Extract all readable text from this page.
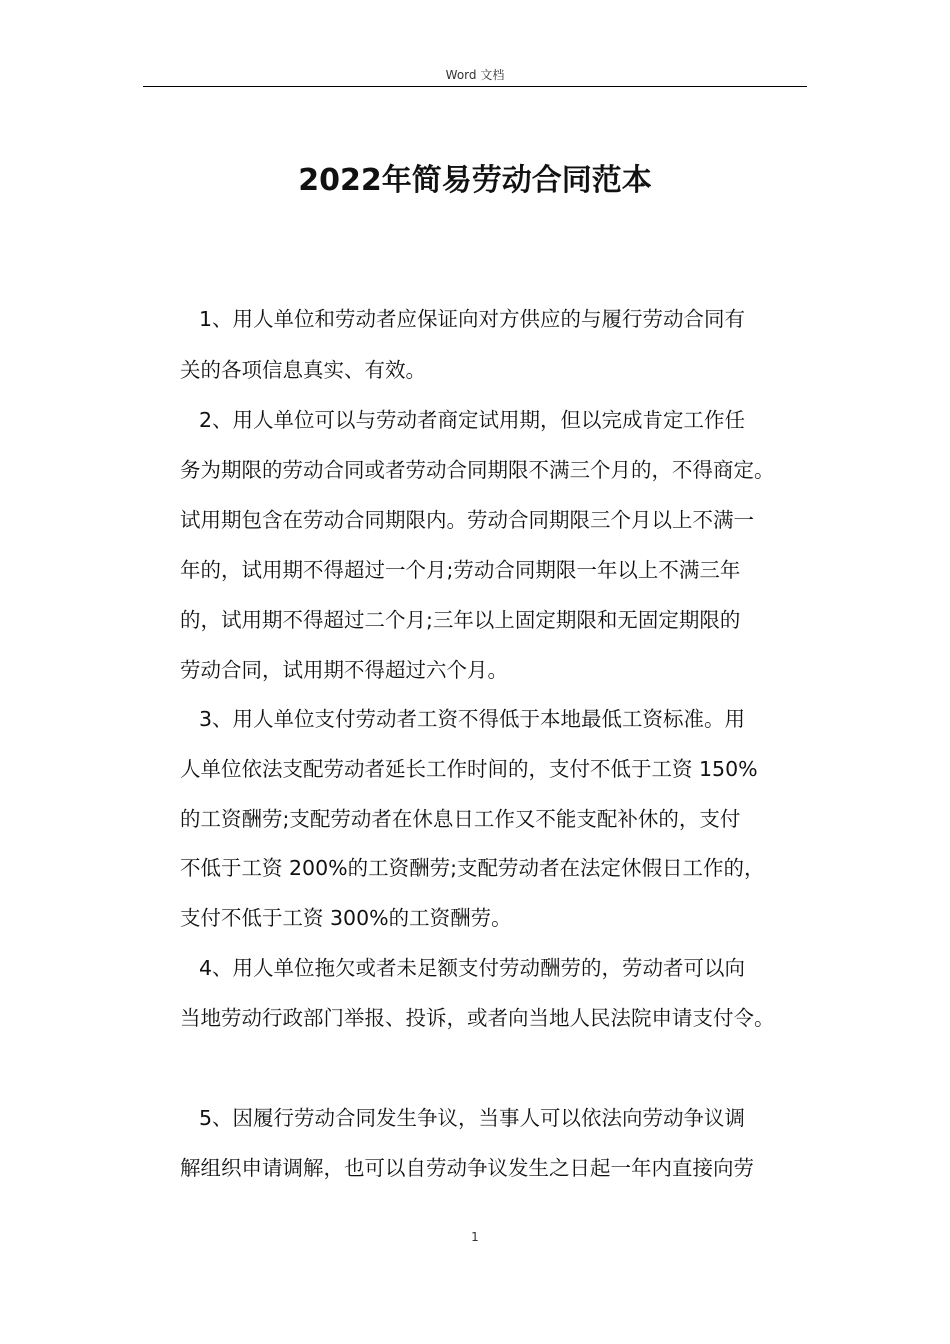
Word 文档
2022年简易劳动合同范本
1、用人单位和劳动者应保证向对方供应的与履行劳动合同有
关的各项信息真实、有效。
2、用人单位可以与劳动者商定试用期，但以完成肯定工作任
务为期限的劳动合同或者劳动合同期限不满三个月的，不得商定。
试用期包含在劳动合同期限内。劳动合同期限三个月以上不满一
年的，试用期不得超过一个月;劳动合同期限一年以上不满三年
的，试用期不得超过二个月;三年以上固定期限和无固定期限的
劳动合同，试用期不得超过六个月。
3、用人单位支付劳动者工资不得低于本地最低工资标准。用
人单位依法支配劳动者延长工作时间的，支付不低于工资 150%
的工资酬劳;支配劳动者在休息日工作又不能支配补休的，支付
不低于工资 200%的工资酬劳;支配劳动者在法定休假日工作的，
支付不低于工资 300%的工资酬劳。
4、用人单位拖欠或者未足额支付劳动酬劳的，劳动者可以向
当地劳动行政部门举报、投诉，或者向当地人民法院申请支付令。
5、因履行劳动合同发生争议，当事人可以依法向劳动争议调
解组织申请调解，也可以自劳动争议发生之日起一年内直接向劳
1
